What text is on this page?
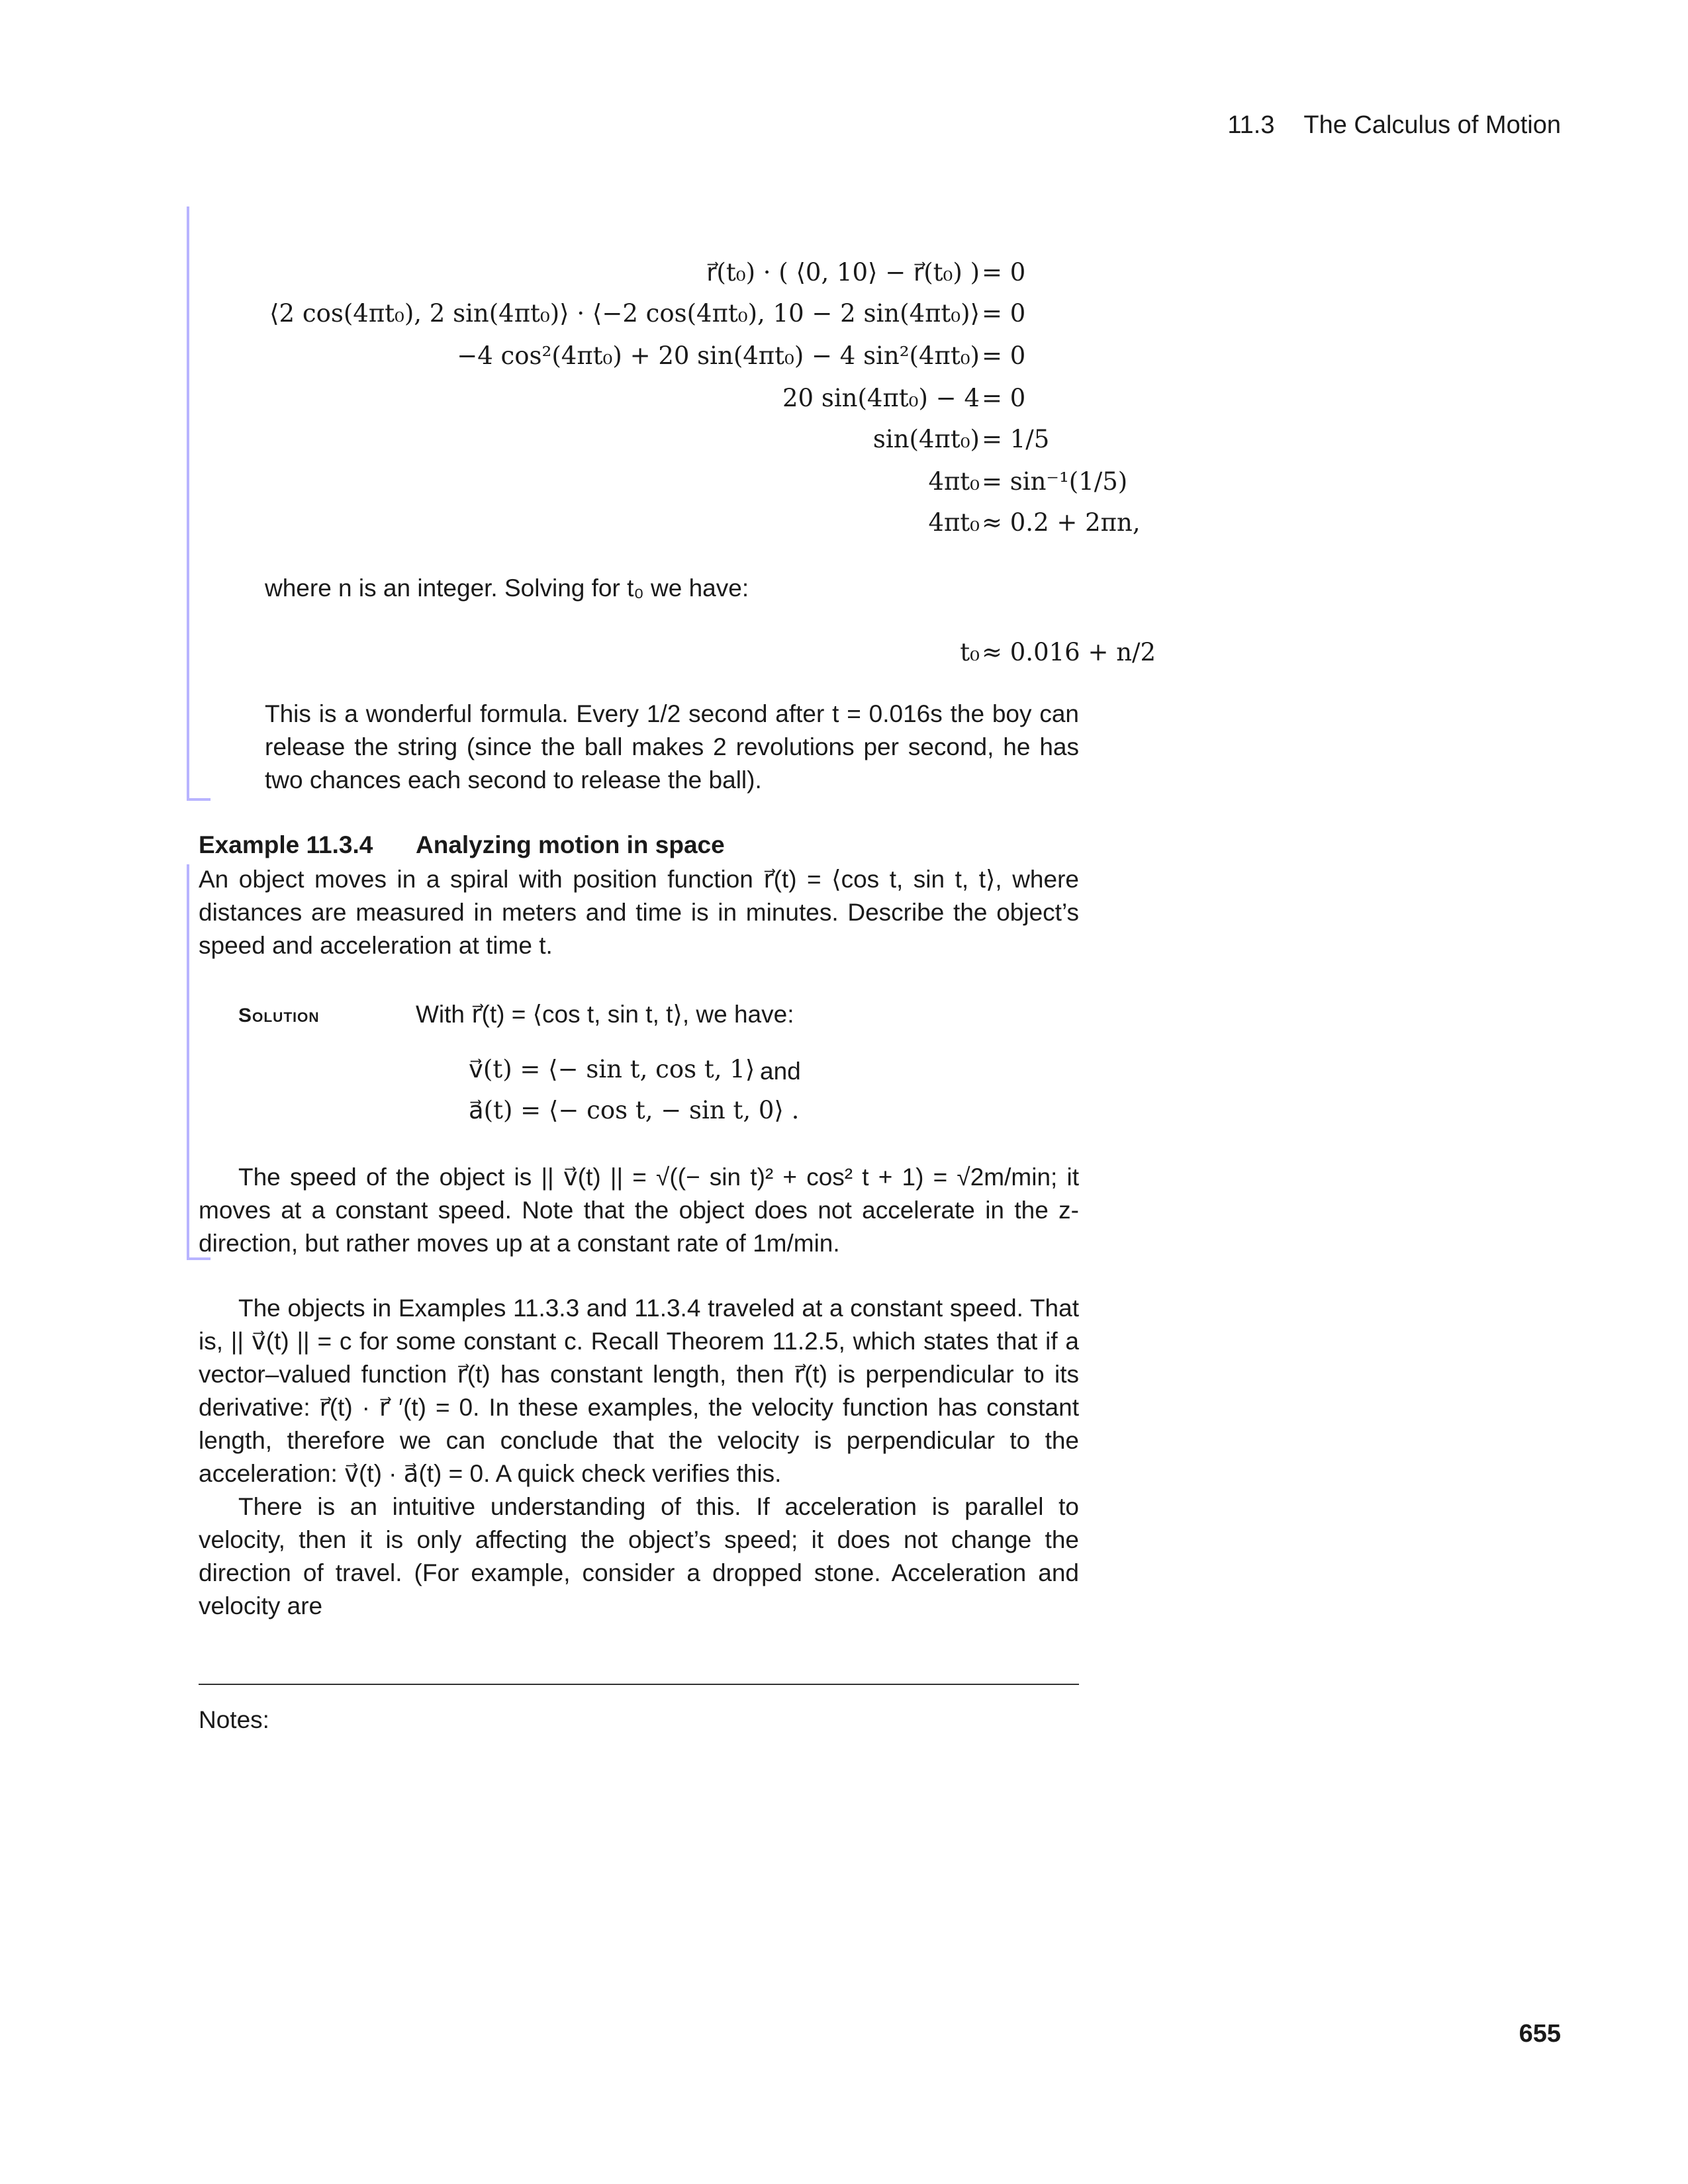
11.3 The Calculus of Motion
r⃗(t₀) · ( ⟨0, 10⟩ − r⃗(t₀) ) = 0
⟨2 cos(4πt₀), 2 sin(4πt₀)⟩ · ⟨−2 cos(4πt₀), 10 − 2 sin(4πt₀)⟩ = 0
−4 cos²(4πt₀) + 20 sin(4πt₀) − 4 sin²(4πt₀) = 0
20 sin(4πt₀) − 4 = 0
sin(4πt₀) = 1/5
4πt₀ = sin⁻¹(1/5)
4πt₀ ≈ 0.2 + 2πn,
where n is an integer. Solving for t₀ we have:
t₀ ≈ 0.016 + n/2
This is a wonderful formula. Every 1/2 second after t = 0.016s the boy can release the string (since the ball makes 2 revolutions per second, he has two chances each second to release the ball).
Example 11.3.4 Analyzing motion in space
An object moves in a spiral with position function r⃗(t) = ⟨cos t, sin t, t⟩, where distances are measured in meters and time is in minutes. Describe the object’s speed and acceleration at time t.
Solution	With r⃗(t) = ⟨cos t, sin t, t⟩, we have:
v⃗(t) = ⟨− sin t, cos t, 1⟩ and
a⃗(t) = ⟨− cos t, − sin t, 0⟩ .
The speed of the object is || v⃗(t) || = √((− sin t)² + cos² t + 1) = √2m/min; it moves at a constant speed. Note that the object does not accelerate in the z-direction, but rather moves up at a constant rate of 1m/min.
The objects in Examples 11.3.3 and 11.3.4 traveled at a constant speed. That is, || v⃗(t) || = c for some constant c. Recall Theorem 11.2.5, which states that if a vector–valued function r⃗(t) has constant length, then r⃗(t) is perpendicular to its derivative: r⃗(t) · r⃗ ′(t) = 0. In these examples, the velocity function has constant length, therefore we can conclude that the velocity is perpendicular to the acceleration: v⃗(t) · a⃗(t) = 0. A quick check verifies this.
There is an intuitive understanding of this. If acceleration is parallel to velocity, then it is only affecting the object’s speed; it does not change the direction of travel. (For example, consider a dropped stone. Acceleration and velocity are
Notes:
655
